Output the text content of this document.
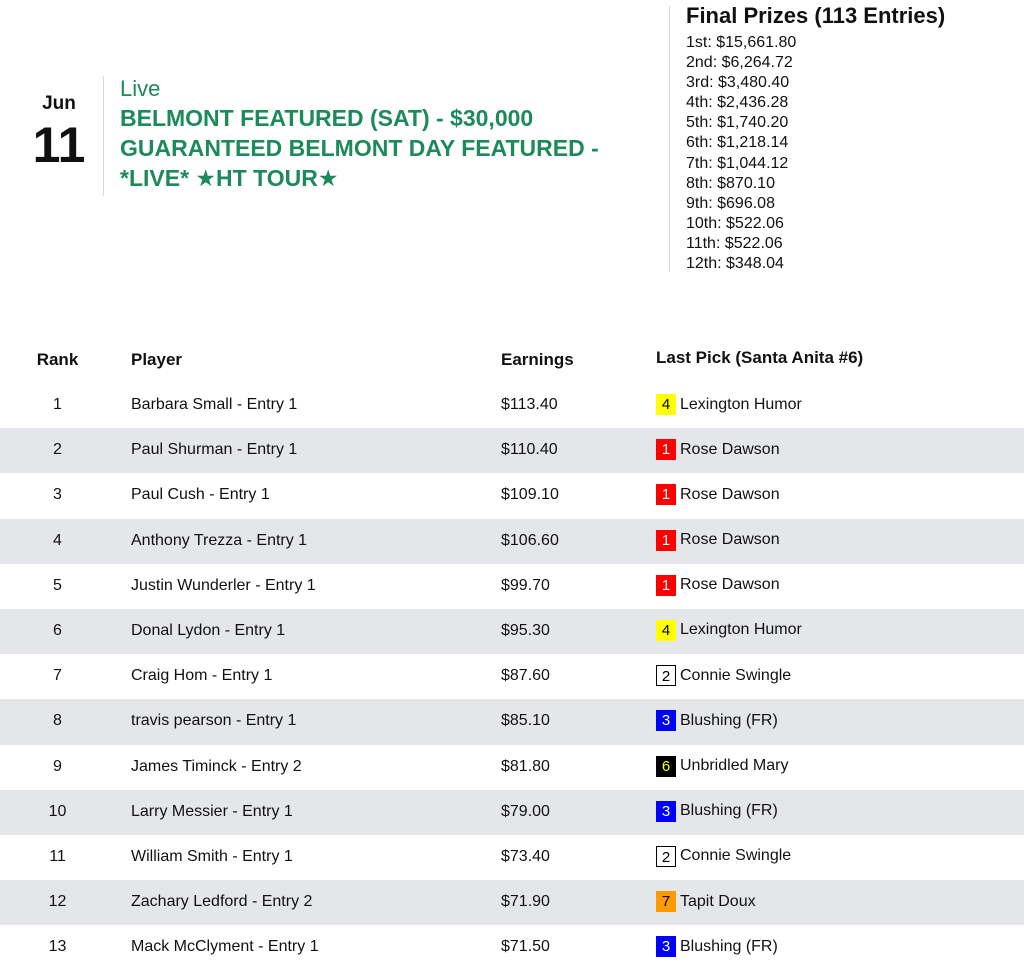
Jun
11
Live
BELMONT FEATURED (SAT) - $30,000 GUARANTEED BELMONT DAY FEATURED - *LIVE* ★HT TOUR★
Final Prizes (113 Entries)
1st: $15,661.80
2nd: $6,264.72
3rd: $3,480.40
4th: $2,436.28
5th: $1,740.20
6th: $1,218.14
7th: $1,044.12
8th: $870.10
9th: $696.08
10th: $522.06
11th: $522.06
12th: $348.04
Rank	Player	Earnings	Last Pick (Santa Anita #6)
1	Barbara Small - Entry 1	$113.40	4 Lexington Humor
2	Paul Shurman - Entry 1	$110.40	1 Rose Dawson
3	Paul Cush - Entry 1	$109.10	1 Rose Dawson
4	Anthony Trezza - Entry 1	$106.60	1 Rose Dawson
5	Justin Wunderler - Entry 1	$99.70	1 Rose Dawson
6	Donal Lydon - Entry 1	$95.30	4 Lexington Humor
7	Craig Hom - Entry 1	$87.60	2 Connie Swingle
8	travis pearson - Entry 1	$85.10	3 Blushing (FR)
9	James Timinck - Entry 2	$81.80	6 Unbridled Mary
10	Larry Messier - Entry 1	$79.00	3 Blushing (FR)
11	William Smith - Entry 1	$73.40	2 Connie Swingle
12	Zachary Ledford - Entry 2	$71.90	7 Tapit Doux
13	Mack McClyment - Entry 1	$71.50	3 Blushing (FR)
